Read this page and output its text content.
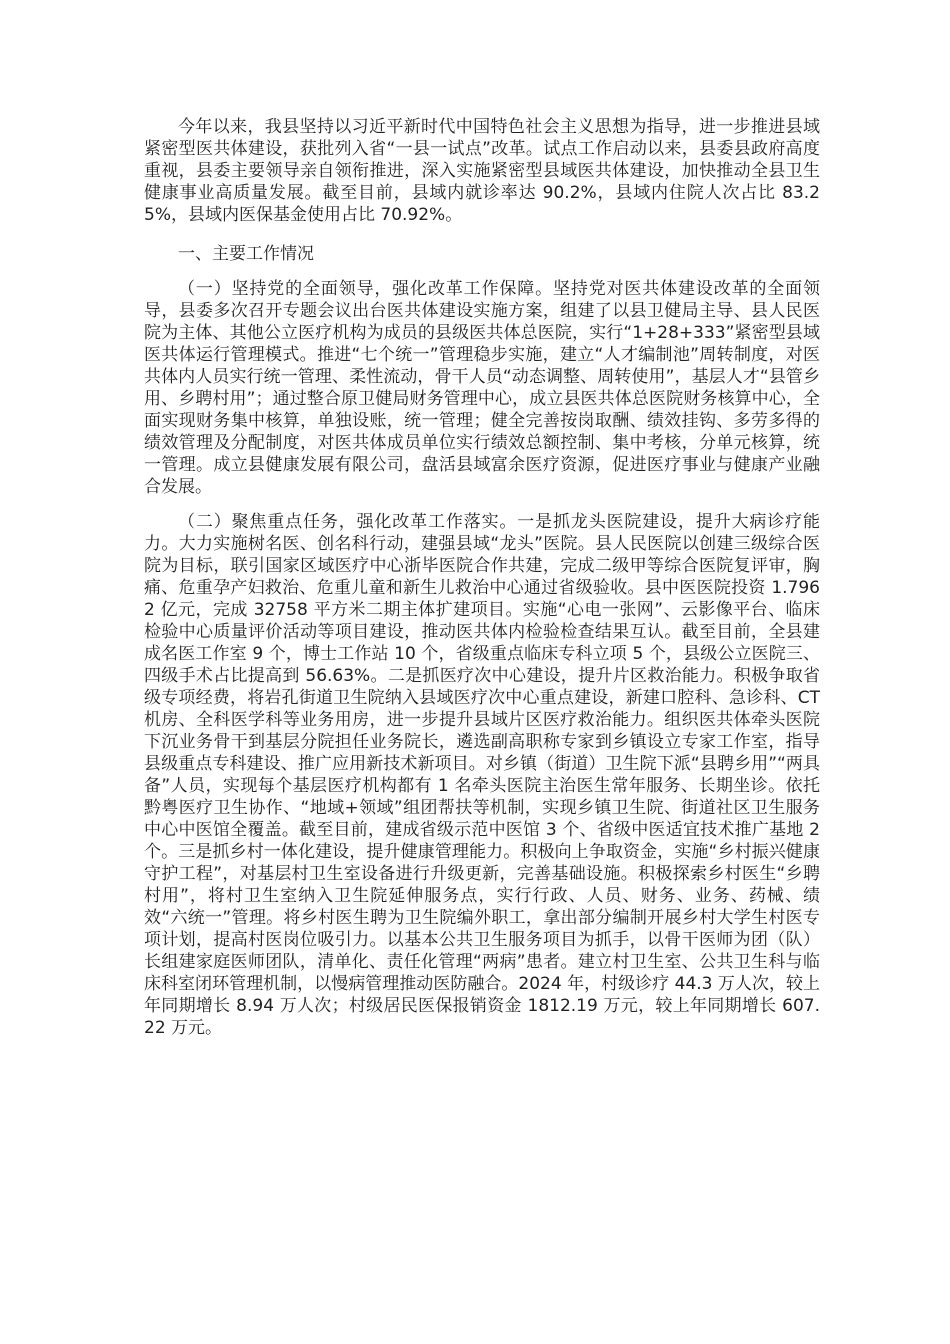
今年以来，我县坚持以习近平新时代中国特色社会主义思想为指导，进一步推进县域紧密型医共体建设，获批列入省“一县一试点”改革。试点工作启动以来，县委县政府高度重视，县委主要领导亲自领衔推进，深入实施紧密型县域医共体建设，加快推动全县卫生健康事业高质量发展。截至目前，县域内就诊率达 90.2%，县域内住院人次占比 83.25%，县域内医保基金使用占比 70.92%。

一、主要工作情况

（一）坚持党的全面领导，强化改革工作保障。坚持党对医共体建设改革的全面领导，县委多次召开专题会议出台医共体建设实施方案，组建了以县卫健局主导、县人民医院为主体、其他公立医疗机构为成员的县级医共体总医院，实行“1+28+333”紧密型县域医共体运行管理模式。推进“七个统一”管理稳步实施，建立“人才编制池”周转制度，对医共体内人员实行统一管理、柔性流动，骨干人员“动态调整、周转使用”，基层人才“县管乡用、乡聘村用”；通过整合原卫健局财务管理中心，成立县医共体总医院财务核算中心，全面实现财务集中核算，单独设账，统一管理；健全完善按岗取酬、绩效挂钩、多劳多得的绩效管理及分配制度，对医共体成员单位实行绩效总额控制、集中考核，分单元核算，统一管理。成立县健康发展有限公司，盘活县域富余医疗资源，促进医疗事业与健康产业融合发展。

（二）聚焦重点任务，强化改革工作落实。一是抓龙头医院建设，提升大病诊疗能力。大力实施树名医、创名科行动，建强县域“龙头”医院。县人民医院以创建三级综合医院为目标，联引国家区域医疗中心浙毕医院合作共建，完成二级甲等综合医院复评审，胸痛、危重孕产妇救治、危重儿童和新生儿救治中心通过省级验收。县中医医院投资 1.7962 亿元，完成 32758 平方米二期主体扩建项目。实施“心电一张网”、云影像平台、临床检验中心质量评价活动等项目建设，推动医共体内检验检查结果互认。截至目前，全县建成名医工作室 9 个，博士工作站 10 个，省级重点临床专科立项 5 个，县级公立医院三、四级手术占比提高到 56.63%。二是抓医疗次中心建设，提升片区救治能力。积极争取省级专项经费，将岩孔街道卫生院纳入县域医疗次中心重点建设，新建口腔科、急诊科、CT 机房、全科医学科等业务用房，进一步提升县域片区医疗救治能力。组织医共体牵头医院下沉业务骨干到基层分院担任业务院长，遴选副高职称专家到乡镇设立专家工作室，指导县级重点专科建设、推广应用新技术新项目。对乡镇（街道）卫生院下派“县聘乡用”“两具备”人员，实现每个基层医疗机构都有 1 名牵头医院主治医生常年服务、长期坐诊。依托黔粤医疗卫生协作、“地域+领域”组团帮扶等机制，实现乡镇卫生院、街道社区卫生服务中心中医馆全覆盖。截至目前，建成省级示范中医馆 3 个、省级中医适宜技术推广基地 2 个。三是抓乡村一体化建设，提升健康管理能力。积极向上争取资金，实施“乡村振兴健康守护工程”，对基层村卫生室设备进行升级更新，完善基础设施。积极探索乡村医生“乡聘村用”，将村卫生室纳入卫生院延伸服务点，实行行政、人员、财务、业务、药械、绩效“六统一”管理。将乡村医生聘为卫生院编外职工，拿出部分编制开展乡村大学生村医专项计划，提高村医岗位吸引力。以基本公共卫生服务项目为抓手，以骨干医师为团（队）长组建家庭医师团队，清单化、责任化管理“两病”患者。建立村卫生室、公共卫生科与临床科室闭环管理机制，以慢病管理推动医防融合。2024 年，村级诊疗 44.3 万人次，较上年同期增长 8.94 万人次；村级居民医保报销资金 1812.19 万元，较上年同期增长 607.22 万元。
